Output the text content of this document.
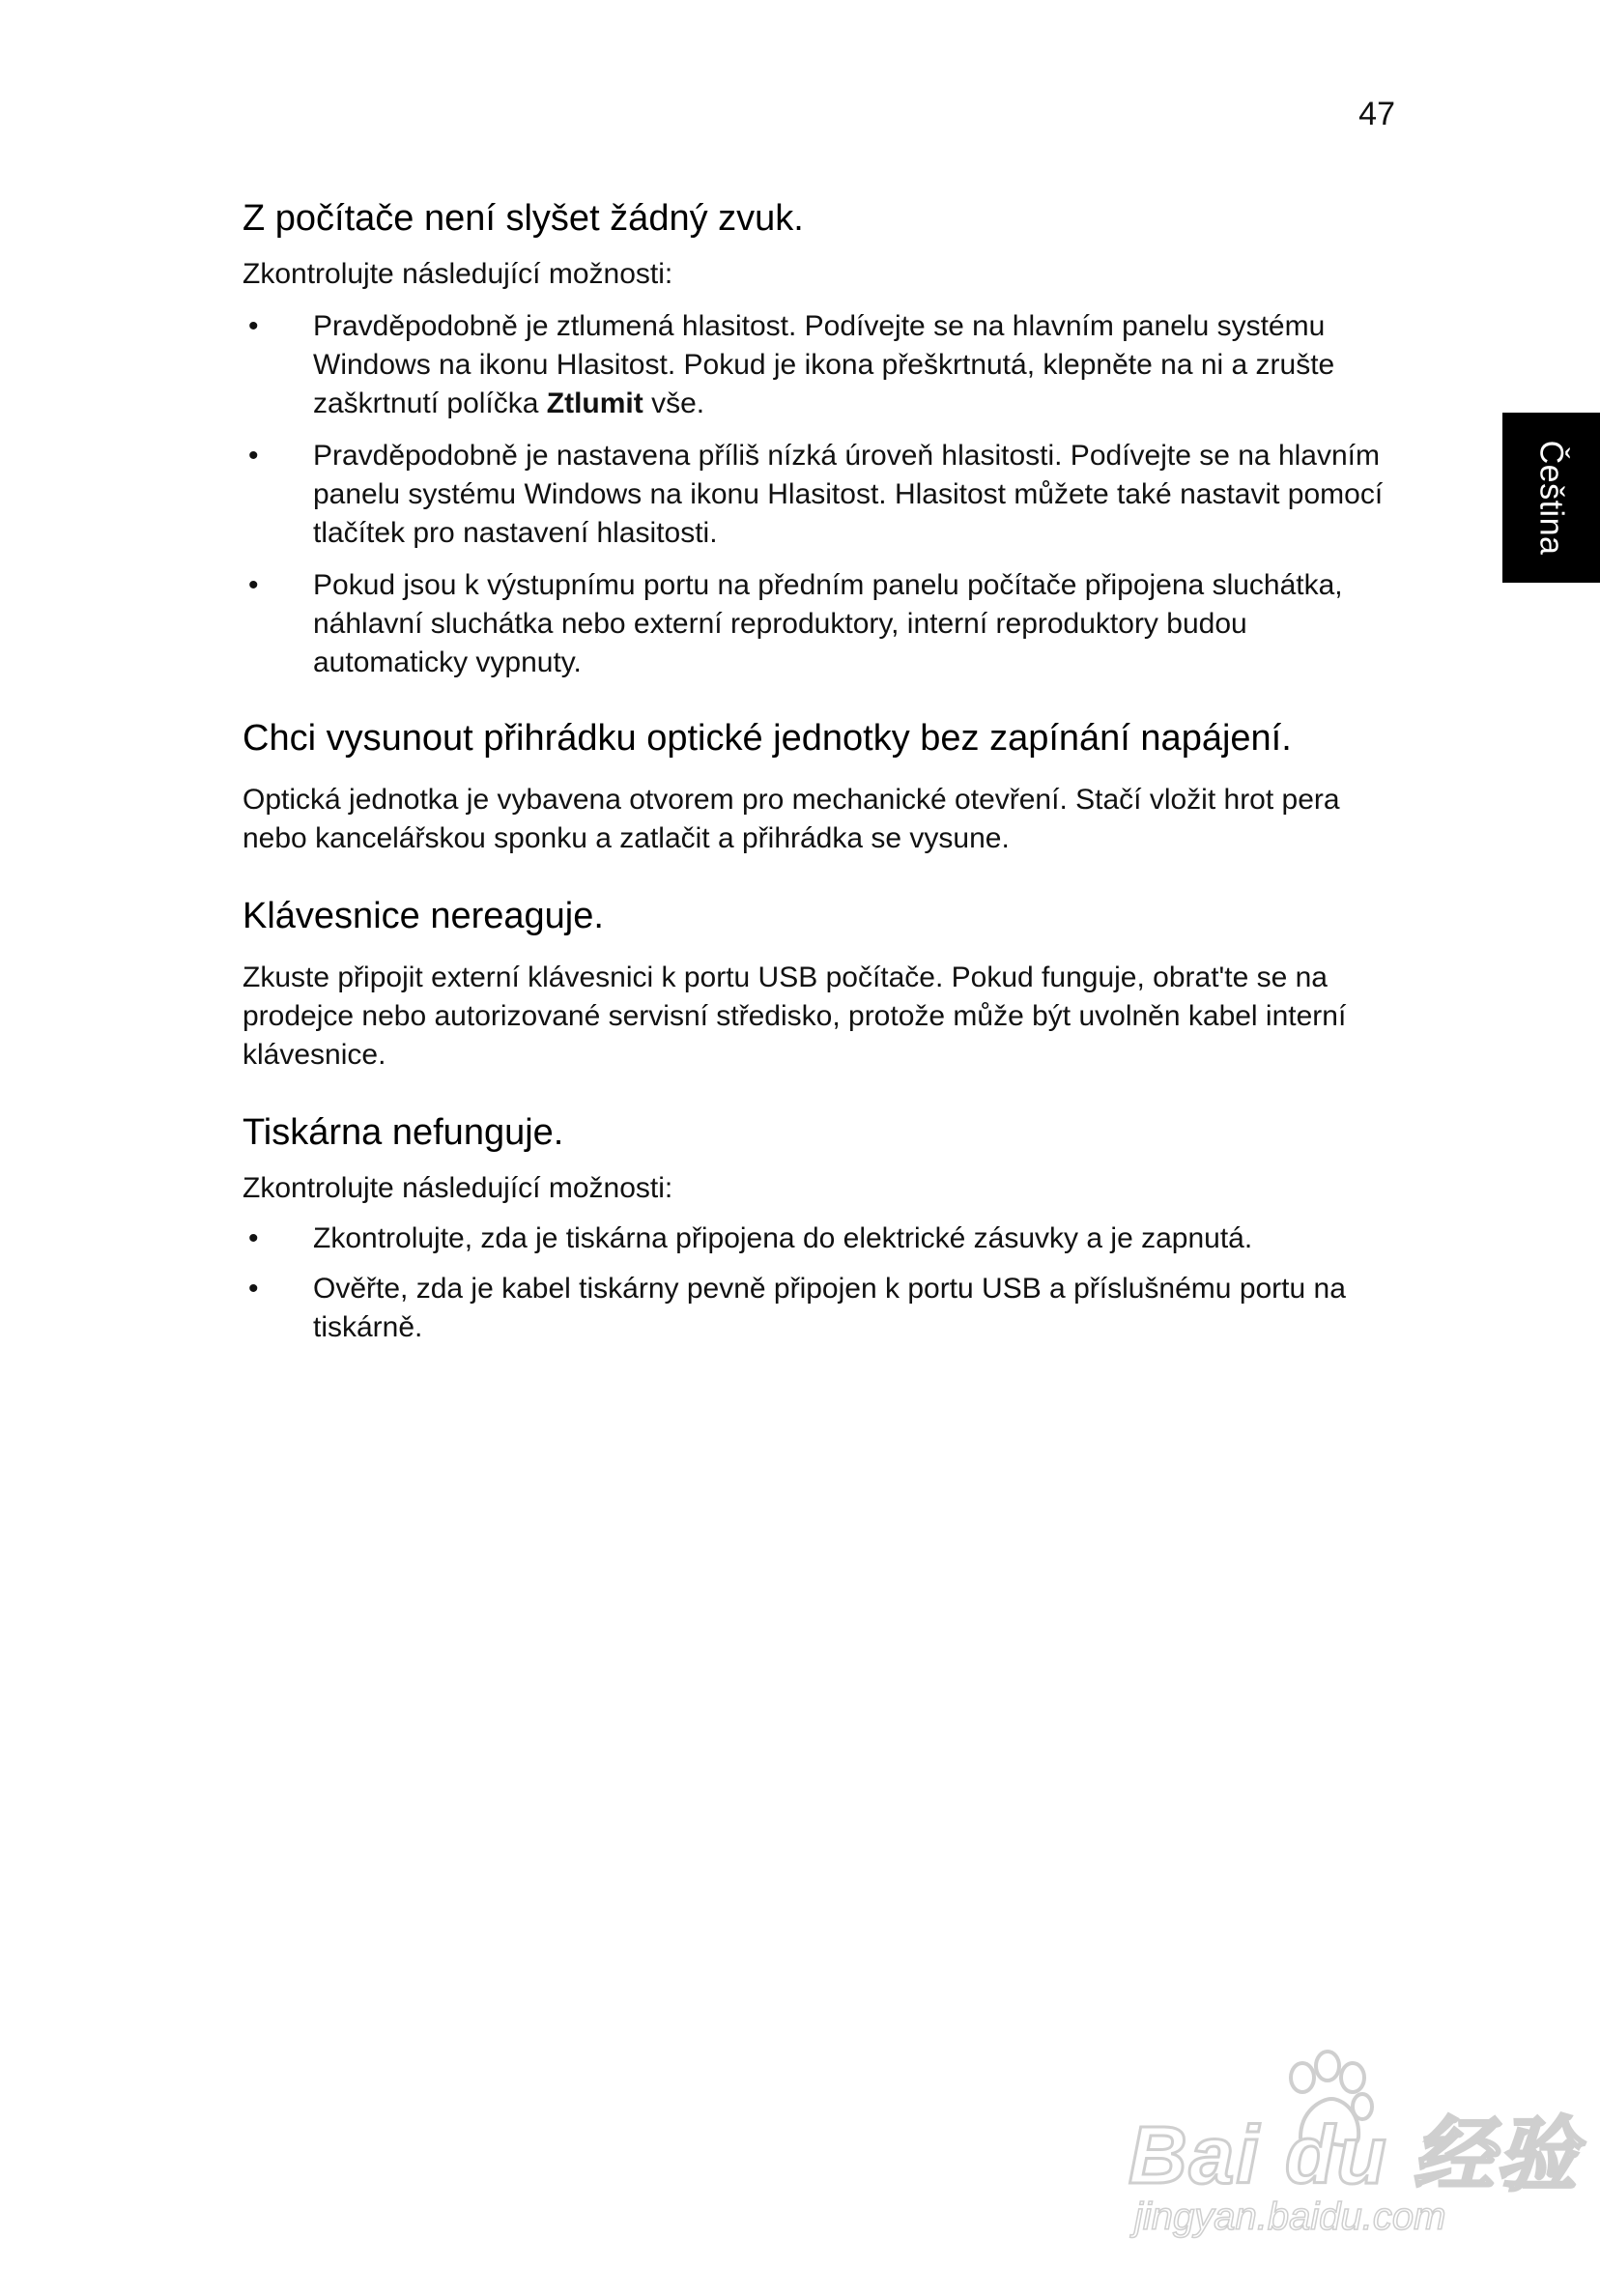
47
Čeština
Z počítače není slyšet žádný zvuk.

Zkontrolujte následující možnosti:

• Pravděpodobně je ztlumená hlasitost. Podívejte se na hlavním panelu systému Windows na ikonu Hlasitost. Pokud je ikona přeškrtnutá, klepněte na ni a zrušte zaškrtnutí políčka Ztlumit vše.
• Pravděpodobně je nastavena příliš nízká úroveň hlasitosti. Podívejte se na hlavním panelu systému Windows na ikonu Hlasitost. Hlasitost můžete také nastavit pomocí tlačítek pro nastavení hlasitosti.
• Pokud jsou k výstupnímu portu na předním panelu počítače připojena sluchátka, náhlavní sluchátka nebo externí reproduktory, interní reproduktory budou automaticky vypnuty.
Chci vysunout přihrádku optické jednotky bez zapínání napájení.

Optická jednotka je vybavena otvorem pro mechanické otevření. Stačí vložit hrot pera nebo kancelářskou sponku a zatlačit a přihrádka se vysune.

Klávesnice nereaguje.

Zkuste připojit externí klávesnici k portu USB počítače. Pokud funguje, obrat'te se na prodejce nebo autorizované servisní středisko, protože může být uvolněn kabel interní klávesnice.

Tiskárna nefunguje.

Zkontrolujte následující možnosti:

• Zkontrolujte, zda je tiskárna připojena do elektrické zásuvky a je zapnutá.
• Ověřte, zda je kabel tiskárny pevně připojen k portu USB a příslušnému portu na tiskárně.
Bai du 经验
jingyan.baidu.com
